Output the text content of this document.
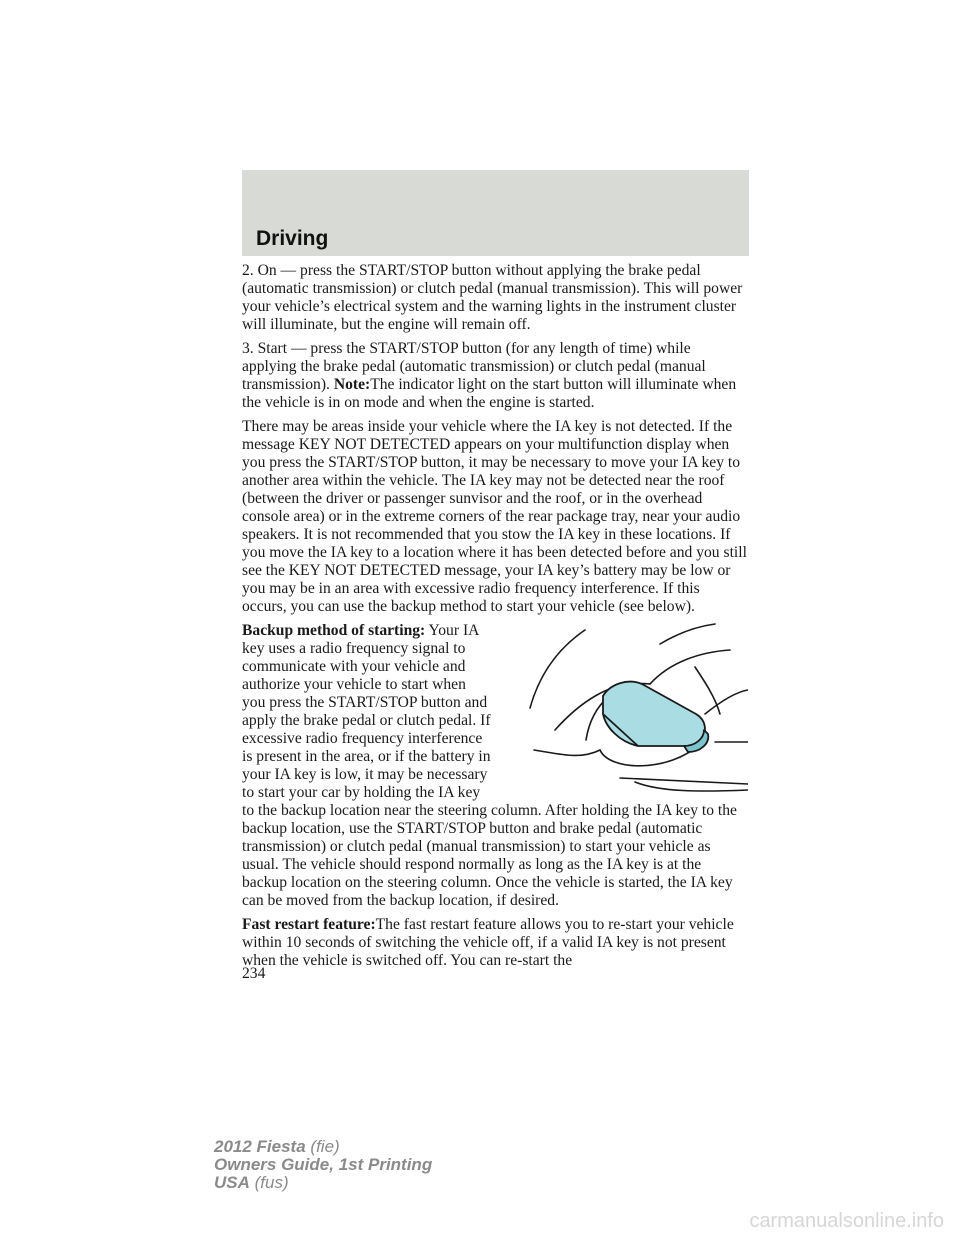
Driving

2. On — press the START/STOP button without applying the brake pedal (automatic transmission) or clutch pedal (manual transmission). This will power your vehicle’s electrical system and the warning lights in the instrument cluster will illuminate, but the engine will remain off.

3. Start — press the START/STOP button (for any length of time) while applying the brake pedal (automatic transmission) or clutch pedal (manual transmission). Note:The indicator light on the start button will illuminate when the vehicle is in on mode and when the engine is started.

There may be areas inside your vehicle where the IA key is not detected. If the message KEY NOT DETECTED appears on your multifunction display when you press the START/STOP button, it may be necessary to move your IA key to another area within the vehicle. The IA key may not be detected near the roof (between the driver or passenger sunvisor and the roof, or in the overhead console area) or in the extreme corners of the rear package tray, near your audio speakers. It is not recommended that you stow the IA key in these locations. If you move the IA key to a location where it has been detected before and you still see the KEY NOT DETECTED message, your IA key’s battery may be low or you may be in an area with excessive radio frequency interference. If this occurs, you can use the backup method to start your vehicle (see below).

Backup method of starting: Your IA key uses a radio frequency signal to communicate with your vehicle and authorize your vehicle to start when you press the START/STOP button and apply the brake pedal or clutch pedal. If excessive radio frequency interference is present in the area, or if the battery in your IA key is low, it may be necessary to start your car by holding the IA key to the backup location near the steering column. After holding the IA key to the backup location, use the START/STOP button and brake pedal (automatic transmission) or clutch pedal (manual transmission) to start your vehicle as usual. The vehicle should respond normally as long as the IA key is at the backup location on the steering column. Once the vehicle is started, the IA key can be moved from the backup location, if desired.

Fast restart feature:The fast restart feature allows you to re-start your vehicle within 10 seconds of switching the vehicle off, if a valid IA key is not present when the vehicle is switched off. You can re-start the

234
2012 Fiesta (fie)
Owners Guide, 1st Printing
USA (fus)
carmanualsonline.info
